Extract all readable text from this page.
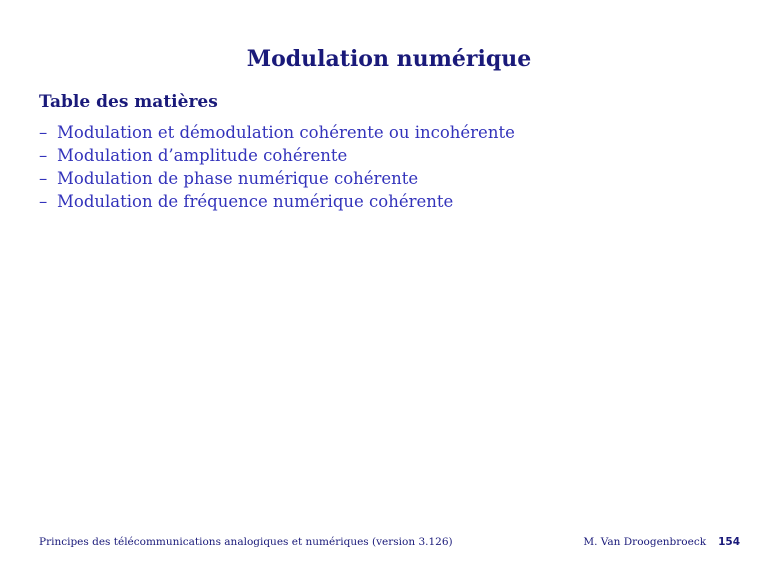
Modulation numérique
Table des matières
– Modulation et démodulation cohérente ou incohérente
– Modulation d’amplitude cohérente
– Modulation de phase numérique cohérente
– Modulation de fréquence numérique cohérente
Principes des télécommunications analogiques et numériques (version 3.126)	M. Van Droogenbroeck 154
